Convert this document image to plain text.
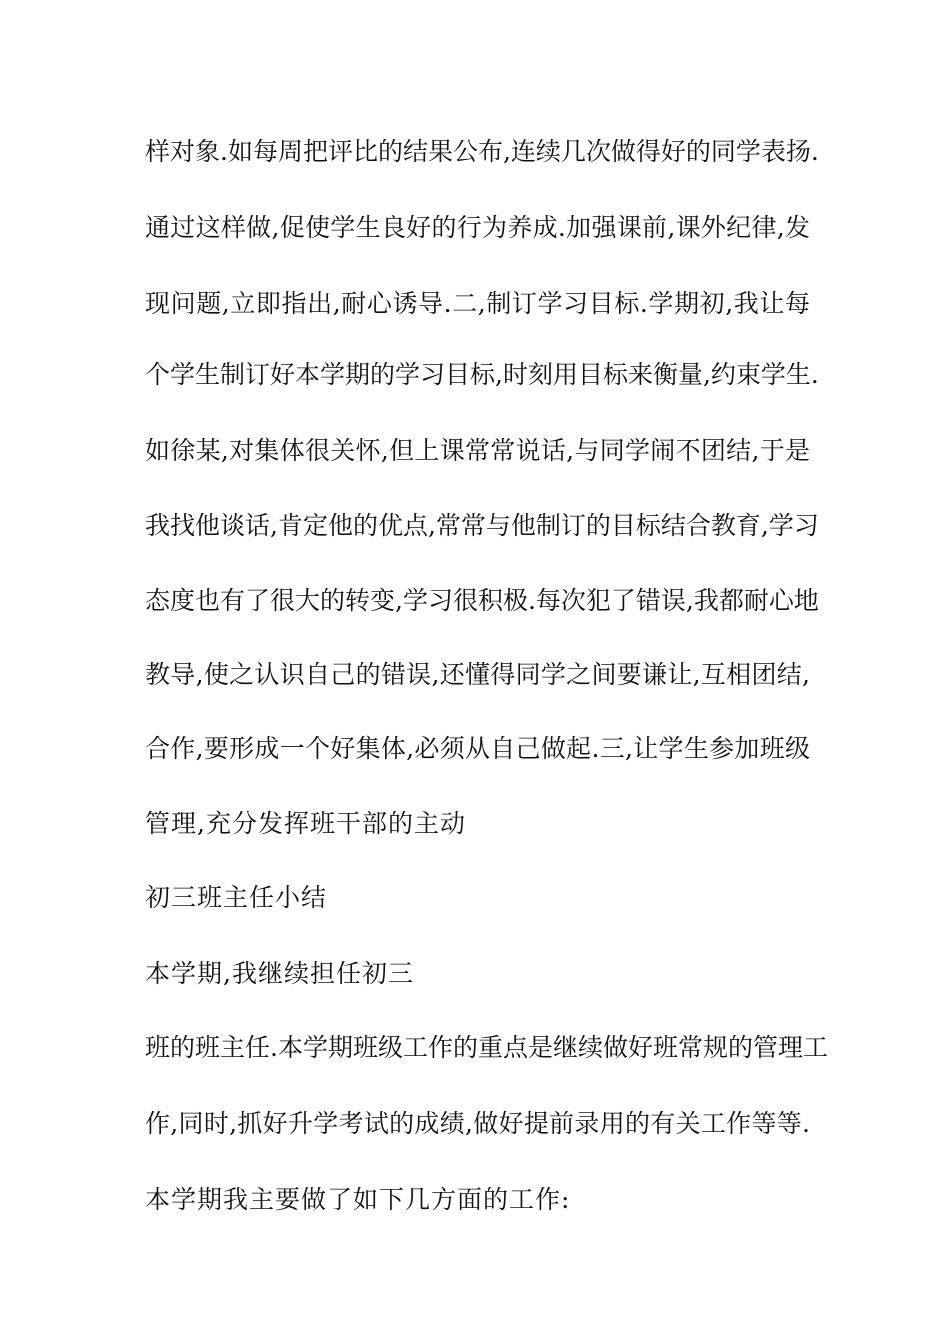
样对象.如每周把评比的结果公布,连续几次做得好的同学表扬.
通过这样做,促使学生良好的行为养成.加强课前,课外纪律,发
现问题,立即指出,耐心诱导.二,制订学习目标.学期初,我让每
个学生制订好本学期的学习目标,时刻用目标来衡量,约束学生.
如徐某,对集体很关怀,但上课常常说话,与同学闹不团结,于是
我找他谈话,肯定他的优点,常常与他制订的目标结合教育,学习
态度也有了很大的转变,学习很积极.每次犯了错误,我都耐心地
教导,使之认识自己的错误,还懂得同学之间要谦让,互相团结,
合作,要形成一个好集体,必须从自己做起.三,让学生参加班级
管理,充分发挥班干部的主动
初三班主任小结
本学期,我继续担任初三
班的班主任.本学期班级工作的重点是继续做好班常规的管理工
作,同时,抓好升学考试的成绩,做好提前录用的有关工作等等.
本学期我主要做了如下几方面的工作:
